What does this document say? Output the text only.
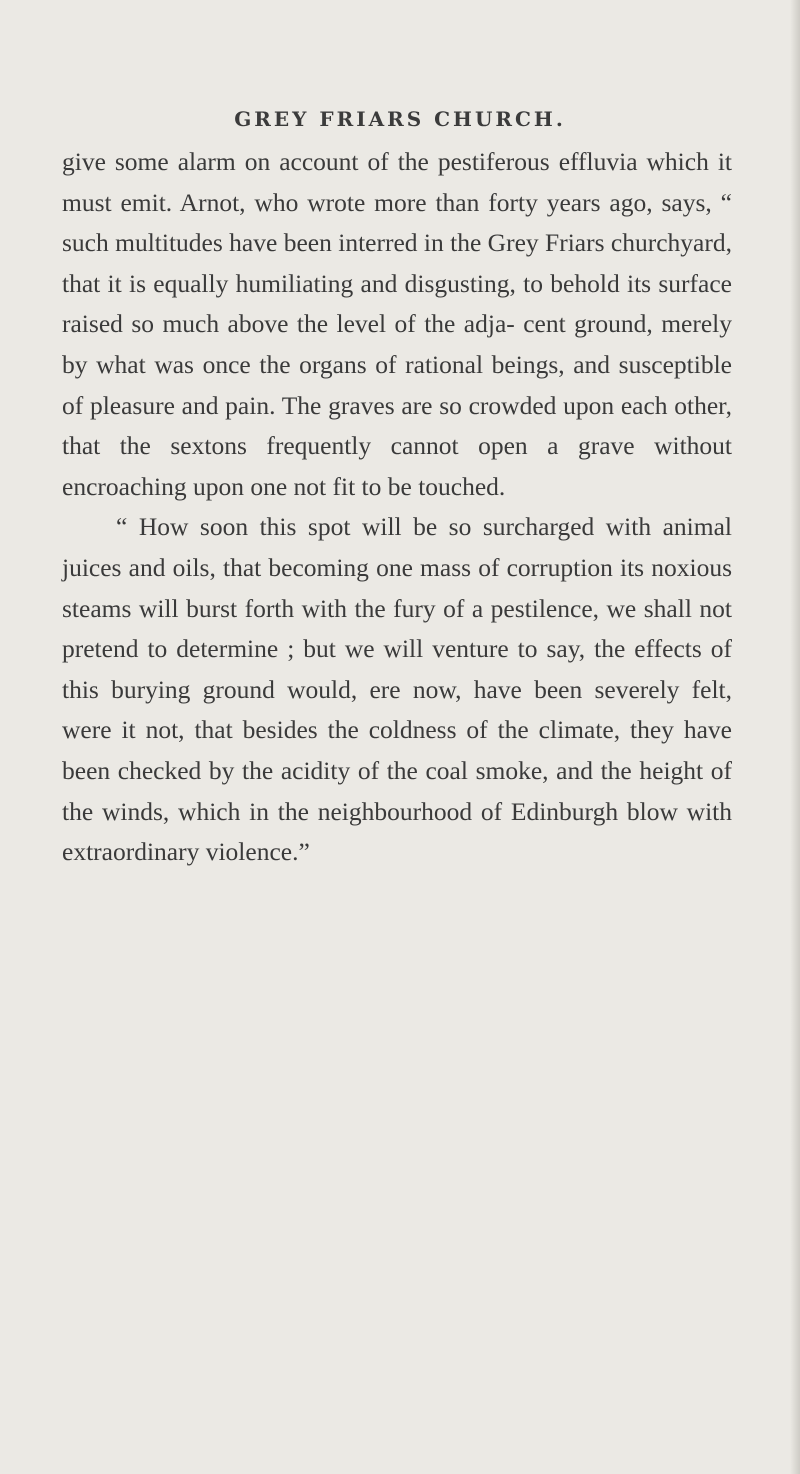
GREY FRIARS CHURCH.

give some alarm on account of the pestiferous effluvia which it must emit. Arnot, who wrote more than forty years ago, says, “ such multitudes have been interred in the Grey Friars churchyard, that it is equally humiliating and disgusting, to behold its surface raised so much above the level of the adja- cent ground, merely by what was once the organs of rational beings, and susceptible of pleasure and pain. The graves are so crowded upon each other, that the sextons frequently cannot open a grave without encroaching upon one not fit to be touched.

“ How soon this spot will be so surcharged with animal juices and oils, that becoming one mass of corruption its noxious steams will burst forth with the fury of a pestilence, we shall not pretend to determine ; but we will venture to say, the effects of this burying ground would, ere now, have been severely felt, were it not, that besides the coldness of the climate, they have been checked by the acidity of the coal smoke, and the height of the winds, which in the neighbourhood of Edinburgh blow with extraordinary violence.”
